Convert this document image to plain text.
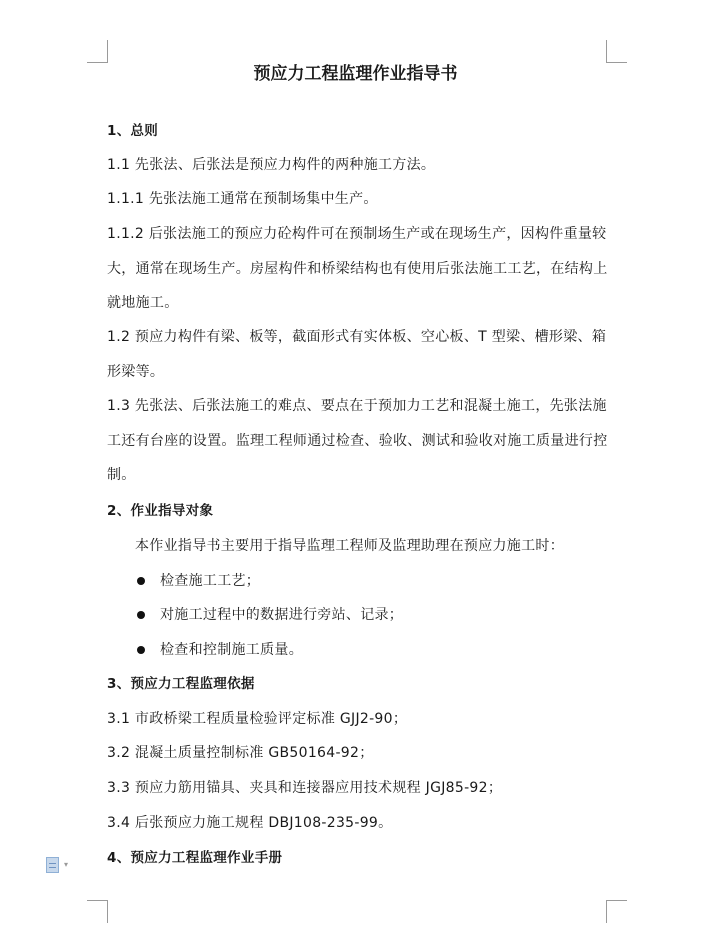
预应力工程监理作业指导书
1、总则
1.1 先张法、后张法是预应力构件的两种施工方法。
1.1.1 先张法施工通常在预制场集中生产。
1.1.2 后张法施工的预应力砼构件可在预制场生产或在现场生产，因构件重量较
大，通常在现场生产。房屋构件和桥梁结构也有使用后张法施工工艺，在结构上
就地施工。
1.2 预应力构件有梁、板等，截面形式有实体板、空心板、T 型梁、槽形梁、箱
形梁等。
1.3 先张法、后张法施工的难点、要点在于预加力工艺和混凝土施工，先张法施
工还有台座的设置。监理工程师通过检查、验收、测试和验收对施工质量进行控
制。
2、作业指导对象
本作业指导书主要用于指导监理工程师及监理助理在预应力施工时：
检查施工工艺；
对施工过程中的数据进行旁站、记录；
检查和控制施工质量。
3、预应力工程监理依据
3.1 市政桥梁工程质量检验评定标准 GJJ2-90；
3.2 混凝土质量控制标准 GB50164-92；
3.3 预应力筋用锚具、夹具和连接器应用技术规程 JGJ85-92；
3.4 后张预应力施工规程 DBJ108-235-99。
4、预应力工程监理作业手册
▾
